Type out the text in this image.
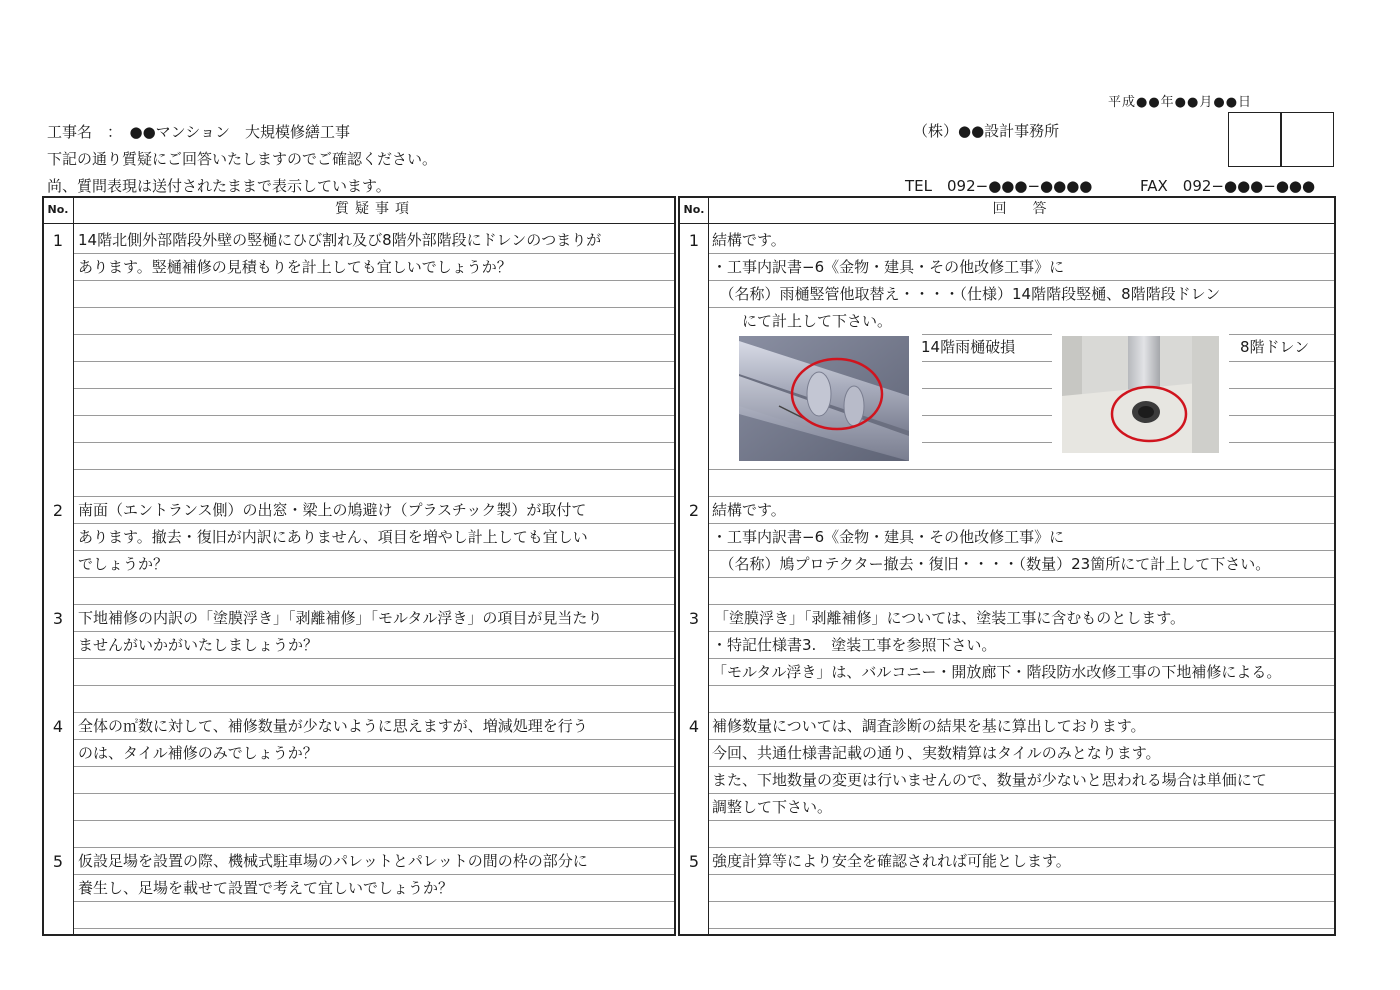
平成●●年●●月●●日
工事名　：　●●マンション　大規模修繕工事
下記の通り質疑にご回答いたしますのでご確認ください。
尚、質問表現は送付されたままで表示しています。
（株）●●設計事務所
TEL　092−●●●−●●●●	FAX　092−●●●−●●●
No.	質疑事項	No.	回　答
1 14階北側外部階段外壁の竪樋にひび割れ及び8階外部階段にドレンのつまりが
あります。竪樋補修の見積もりを計上しても宜しいでしょうか？
1 結構です。
・工事内訳書−6《金物・建具・その他改修工事》に
　（名称）雨樋竪管他取替え・・・・（仕様）14階階段竪樋、8階階段ドレン
　　にて計上して下さい。
14階雨樋破損	8階ドレン
2 南面（エントランス側）の出窓・梁上の鳩避け（プラスチック製）が取付て
あります。撤去・復旧が内訳にありません、項目を増やし計上しても宜しい
でしょうか？
2 結構です。
・工事内訳書−6《金物・建具・その他改修工事》に
　（名称）鳩プロテクター撤去・復旧・・・・（数量）23箇所にて計上して下さい。
3 下地補修の内訳の「塗膜浮き」「剥離補修」「モルタル浮き」の項目が見当たり
ませんがいかがいたしましょうか？
3 「塗膜浮き」「剥離補修」については、塗装工事に含むものとします。
・特記仕様書3.　塗装工事を参照下さい。
「モルタル浮き」は、バルコニー・開放廊下・階段防水改修工事の下地補修による。
4 全体の㎡数に対して、補修数量が少ないように思えますが、増減処理を行う
のは、タイル補修のみでしょうか？
4 補修数量については、調査診断の結果を基に算出しております。
今回、共通仕様書記載の通り、実数精算はタイルのみとなります。
また、下地数量の変更は行いませんので、数量が少ないと思われる場合は単価にて
調整して下さい。
5 仮設足場を設置の際、機械式駐車場のパレットとパレットの間の枠の部分に
養生し、足場を載せて設置で考えて宜しいでしょうか？
5 強度計算等により安全を確認されれば可能とします。
